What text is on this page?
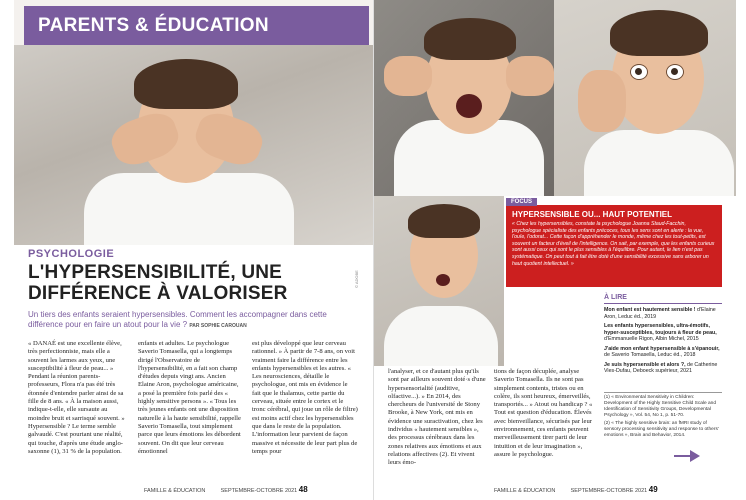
PARENTS & ÉDUCATION
PSYCHOLOGIE
L'HYPERSENSIBILITÉ, UNE
DIFFÉRENCE À VALORISER
Un tiers des enfants seraient hypersensibles. Comment les accompagner dans cette différence pour en faire un atout pour la vie ? PAR SOPHIE CAROUAN
© ADOBE
« DANAÉ est une excellente élève, très perfectionniste, mais elle a souvent les larmes aux yeux, une susceptibilité à fleur de peau... » Pendant la réunion parents-professeurs, Flora n'a pas été très étonnée d'entendre parler ainsi de sa fille de 8 ans. « À la maison aussi, indique-t-elle, elle sursaute au moindre bruit et sarrisqué souvent. » Hypersensible ? Le terme semble galvaudé. C'est pourtant une réalité, qui touche, d'après une étude anglo-saxonne (1), 31 % de la population.
enfants et adultes. Le psychologue Saverio Tomasella, qui a longtemps dirigé l'Observatoire de l'hypersensibilité, en a fait son champ d'études depuis vingt ans. Ancien Elaine Aron, psychologue américaine, a posé la première fois parlé des « highly sensitive persons ». « Tous les très jeunes enfants ont une disposition naturelle à la haute sensibilité, rappelle Saverio Tomasella, tout simplement parce que leurs émotions les débordent souvent. On dit que leur cerveau émotionnel
est plus développé que leur cerveau rationnel. » À partir de 7-8 ans, on voit vraiment faire la différence entre les enfants hypersensibles et les autres. « Les neurosciences, détaille le psychologue, ont mis en évidence le fait que le thalamus, cette partie du cerveau, située entre le cortex et le tronc cérébral, qui joue un rôle de filtre) est moins actif chez les hypersensibles que dans le reste de la population. L'information leur parvient de façon massive et nécessite de leur part plus de temps pour
FAMILLE & ÉDUCATION	SEPTEMBRE-OCTOBRE 2021 48
FOCUS
HYPERSENSIBLE OU... HAUT POTENTIEL
« Chez les hypersensibles, constate la psychologue Joanna Staud-Facchin, psychologue spécialiste des enfants précoces, tous les sens sont en alerte : la vue, l'ouïe, l'odorat... Cette façon d'appréhender le monde, même chez les tout-petits, est souvent un facteur d'éveil de l'intelligence. On sait, par exemple, que les enfants curieux sont aussi ceux qui sont le plus sensibles à l'équilibre. Pour autant, le lien n'est pas systématique. On peut tout à fait être doté d'une sensibilité excessive sans arborer un haut quotient intellectuel. »
l'analyser, et ce d'autant plus qu'ils sont par ailleurs souvent doté·s d'une hypersensorialité (auditive, olfactive...). » En 2014, des chercheurs de l'université de Stony Brooke, à New York, ont mis en évidence une suractivation, chez les individus « hautement sensibles », des processus cérébraux dans les zones relatives aux émotions et aux relations affectives (2). Et vivent leurs émo-
tions de façon décuplée, analyse Saverio Tomasella. Ils ne sont pas simplement contents, tristes ou en colère, ils sont heureux, émerveillés, transportés... » Atout ou handicap ? « Tout est question d'éducation. Élevés avec bienveillance, sécurisés par leur environnement, ces enfants peuvent merveilleusement tirer parti de leur intuition et de leur imagination », assure le psychologue.
À LIRE
Mon enfant est hautement sensible ! d'Elaine Aron, Leduc éd., 2019
Les enfants hypersensibles, ultra-émotifs, hyper-susceptibles, toujours à fleur de peau, d'Emmanuelle Rigon, Albin Michel, 2015
J'aide mon enfant hypersensible à s'épanouir, de Saverio Tomasella, Leduc éd., 2018
Je suis hypersensible et alors ?, de Catherine Vies-Dufau, Deboeck supérieur, 2021
(1) « Environmental Sensitivity in Children: Development of the Highly Sensitive Child Scale and Identification of Sensitivity Groups, Developmental Psychology », Vol. 54, No 1, p. 51-70.
(2) « The highly sensitive brain: an fMRI study of sensory processing sensitivity and response to others' emotions », Brain and Behavior, 2014.
FAMILLE & ÉDUCATION	SEPTEMBRE-OCTOBRE 2021 49
